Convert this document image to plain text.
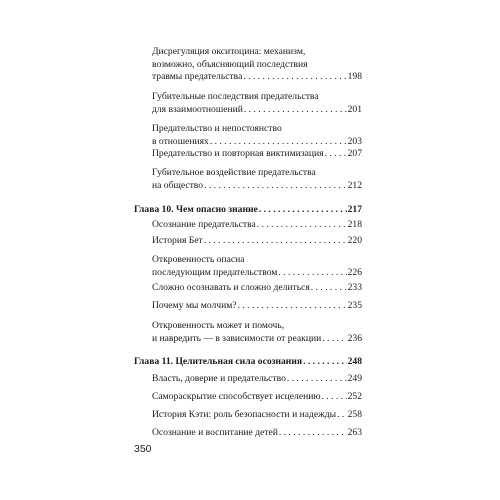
Дисрегуляция окситоцина: механизм,
возможно, объясняющий последствия
травмы предательства . . .	198
Губительные последствия предательства
для взаимоотношений . . .	201
Предательство и непостоянство
в отношениях . . .	203
Предательство и повторная виктимизация . . .	207
Губительное воздействие предательства
на общество . . .	212
Глава 10. Чем опасно знание . . .	217
Осознание предательства . . .	218
История Бет . . .	220
Откровенность опасна
последующим предательством . . .	226
Сложно осознавать и сложно делиться . . .	233
Почему мы молчим? . . .	235
Откровенность может и помочь,
и навредить — в зависимости от реакции . . .	236
Глава 11. Целительная сила осознания . . .	248
Власть, доверие и предательство . . .	249
Самораскрытие способствует исцелению . . .	252
История Кэти: роль безопасности и надежды . . . 258
Осознание и воспитание детей . . .	263
350
